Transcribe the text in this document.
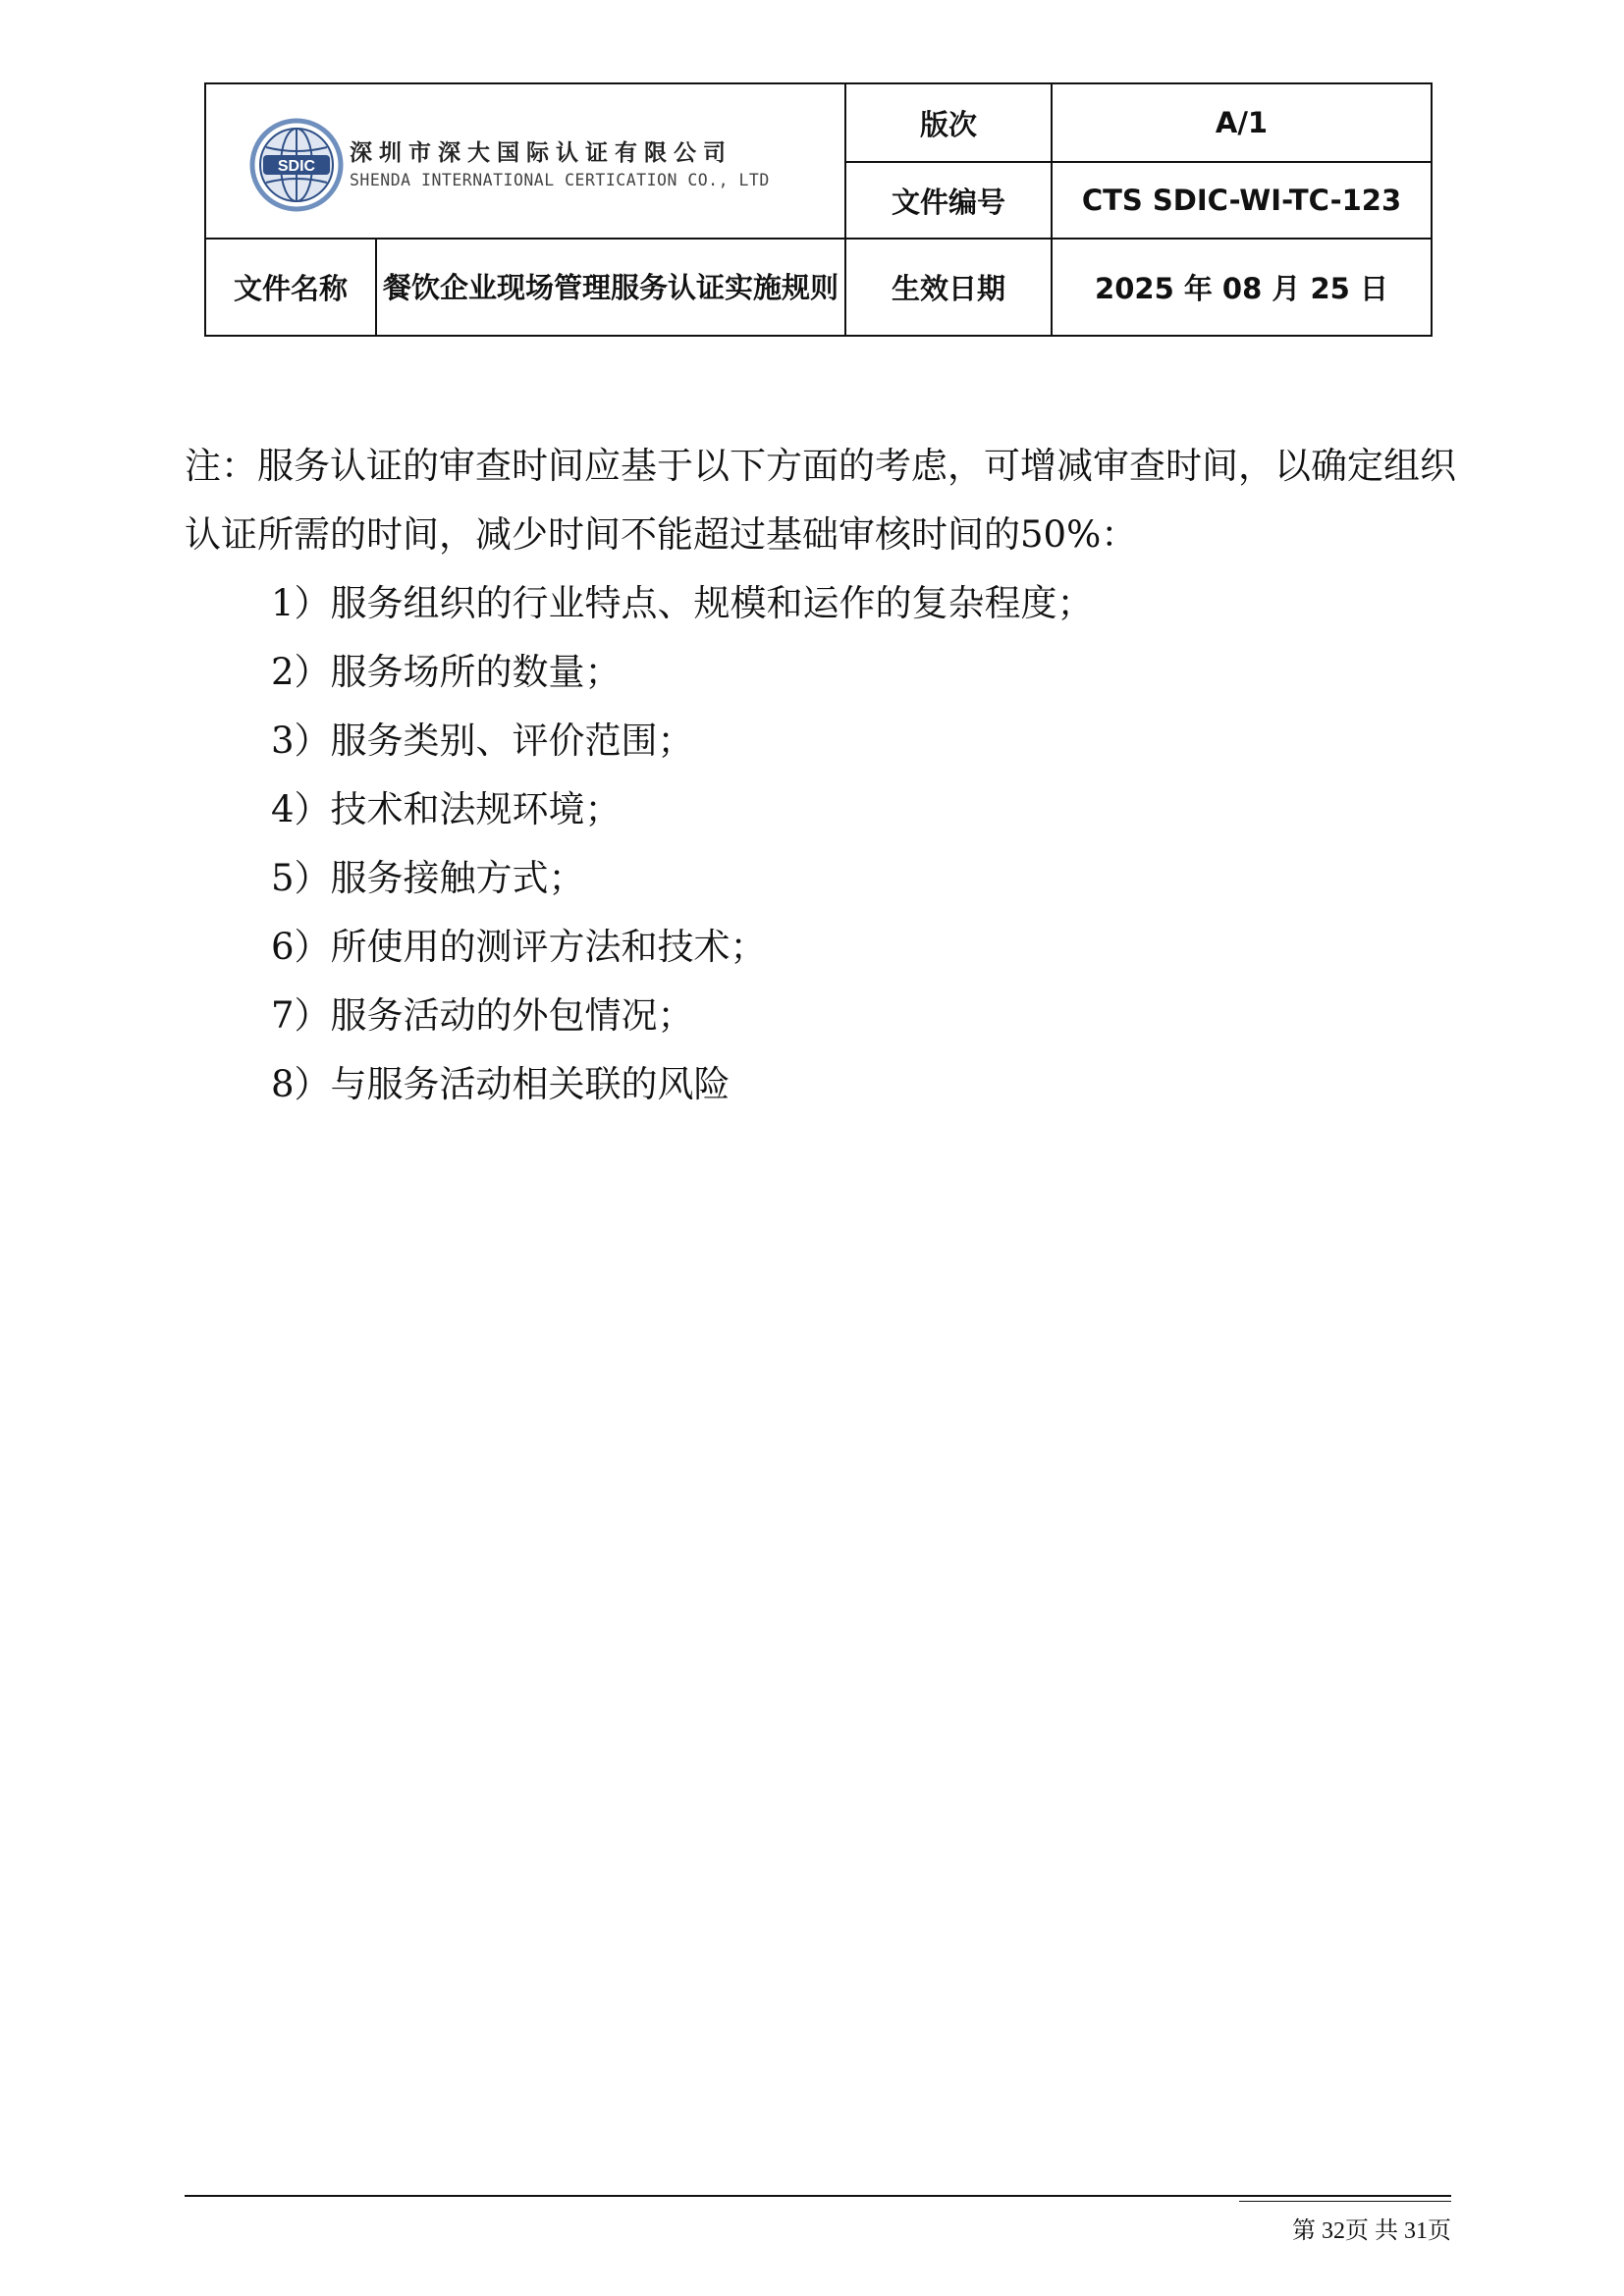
SDIC
深圳市深大国际认证有限公司
SHENDA INTERNATIONAL CERTICATION CO., LTD		版次	A/1
		文件编号	CTS SDIC-WI-TC-123
文件名称	餐饮企业现场管理服务认证实施规则	生效日期	2025 年 08 月 25 日

注：服务认证的审查时间应基于以下方面的考虑，可增减审查时间，以确定组织认证所需的时间，减少时间不能超过基础审核时间的50%：

1）服务组织的行业特点、规模和运作的复杂程度；
2）服务场所的数量；
3）服务类别、评价范围；
4）技术和法规环境；
5）服务接触方式；
6）所使用的测评方法和技术；
7）服务活动的外包情况；
8）与服务活动相关联的风险
第 32页 共 31页
